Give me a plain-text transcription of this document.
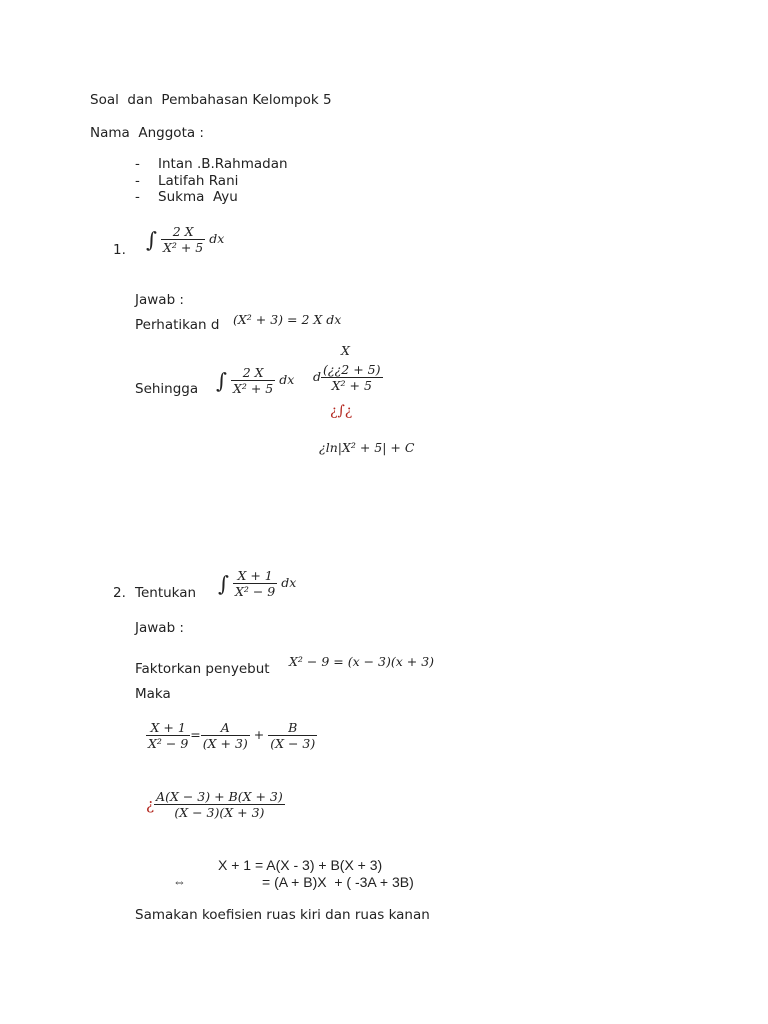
Soal  dan  Pembahasan Kelompok 5
Nama  Anggota :
- Intan .B.Rahmadan
- Latifah Rani
- Sukma  Ayu
1. ∫ $\frac{2 X}{\text{X² + 5}}$ dx
Jawab :
Perhatikan d (X² + 3) = 2 X dx
Sehingga ∫ $\frac{2 X}{\text{X² + 5}}$ dx
X
d $\frac{(¿¿2 + 5)}{\text{X² + 5}}$
¿∫¿
¿ln|X² + 5| + C
2. Tentukan ∫ $\frac{X + 1}{\text{X² − 9}}$ dx
Jawab :
Faktorkan penyebut X² − 9 = (x − 3)(x + 3)
Maka
$\frac{X + 1}{\text{X² − 9}} = \frac{A}{(X + 3)} + \frac{B}{(X - 3)}$
¿ $\frac{A(X - 3) + B(X + 3)}{(X - 3)(X + 3)}$
X + 1 = A(X - 3) + B(X + 3)
⇔	= (A + B)X  + ( -3A + 3B)
Samakan koefisien ruas kiri dan ruas kanan
